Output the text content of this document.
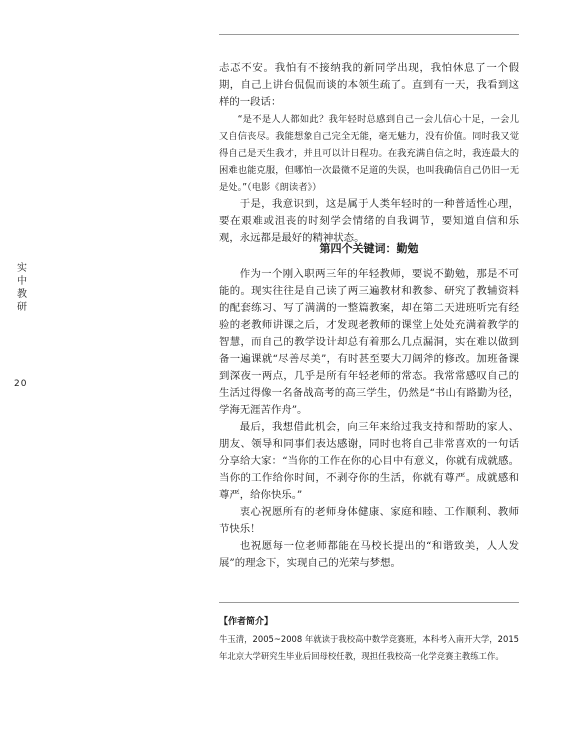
实
中
教
研
20

忐忑不安。我怕有不接纳我的新同学出现，我怕休息了一个假期，自己上讲台侃侃而谈的本领生疏了。直到有一天，我看到这样的一段话：

“是不是人人都如此？我年轻时总感到自己一会儿信心十足，一会儿又自信丧尽。我能想象自己完全无能，毫无魅力，没有价值。同时我又觉得自己是天生我才，并且可以计日程功。在我充满自信之时，我连最大的困难也能克服，但哪怕一次最微不足道的失误，也叫我确信自己仍旧一无是处。”（电影《朗读者》）

于是，我意识到，这是属于人类年轻时的一种普适性心理，要在艰难或沮丧的时刻学会情绪的自我调节，要知道自信和乐观，永远都是最好的精神状态。

第四个关键词：勤勉

作为一个刚入职两三年的年轻教师，要说不勤勉，那是不可能的。现实往往是自己读了两三遍教材和教参、研究了教辅资料的配套练习、写了满满的一整篇教案，却在第二天进班听完有经验的老教师讲课之后，才发现老教师的课堂上处处充满着教学的智慧，而自己的教学设计却总有着那么几点漏洞，实在难以做到备一遍课就“尽善尽美”，有时甚至要大刀阔斧的修改。加班备课到深夜一两点，几乎是所有年轻老师的常态。我常常感叹自己的生活过得像一名备战高考的高三学生，仍然是“书山有路勤为径，学海无涯苦作舟”。

最后，我想借此机会，向三年来给过我支持和帮助的家人、朋友、领导和同事们表达感谢，同时也将自己非常喜欢的一句话分享给大家：“当你的工作在你的心目中有意义，你就有成就感。当你的工作给你时间，不剥夺你的生活，你就有尊严。成就感和尊严，给你快乐。”

衷心祝愿所有的老师身体健康、家庭和睦、工作顺利、教师节快乐！

也祝愿每一位老师都能在马校长提出的“和谐致美，人人发展”的理念下，实现自己的光荣与梦想。

【作者简介】

牛玉清，2005~2008 年就读于我校高中数学竞赛班，本科考入南开大学，2015 年北京大学研究生毕业后回母校任教，现担任我校高一化学竞赛主教练工作。
